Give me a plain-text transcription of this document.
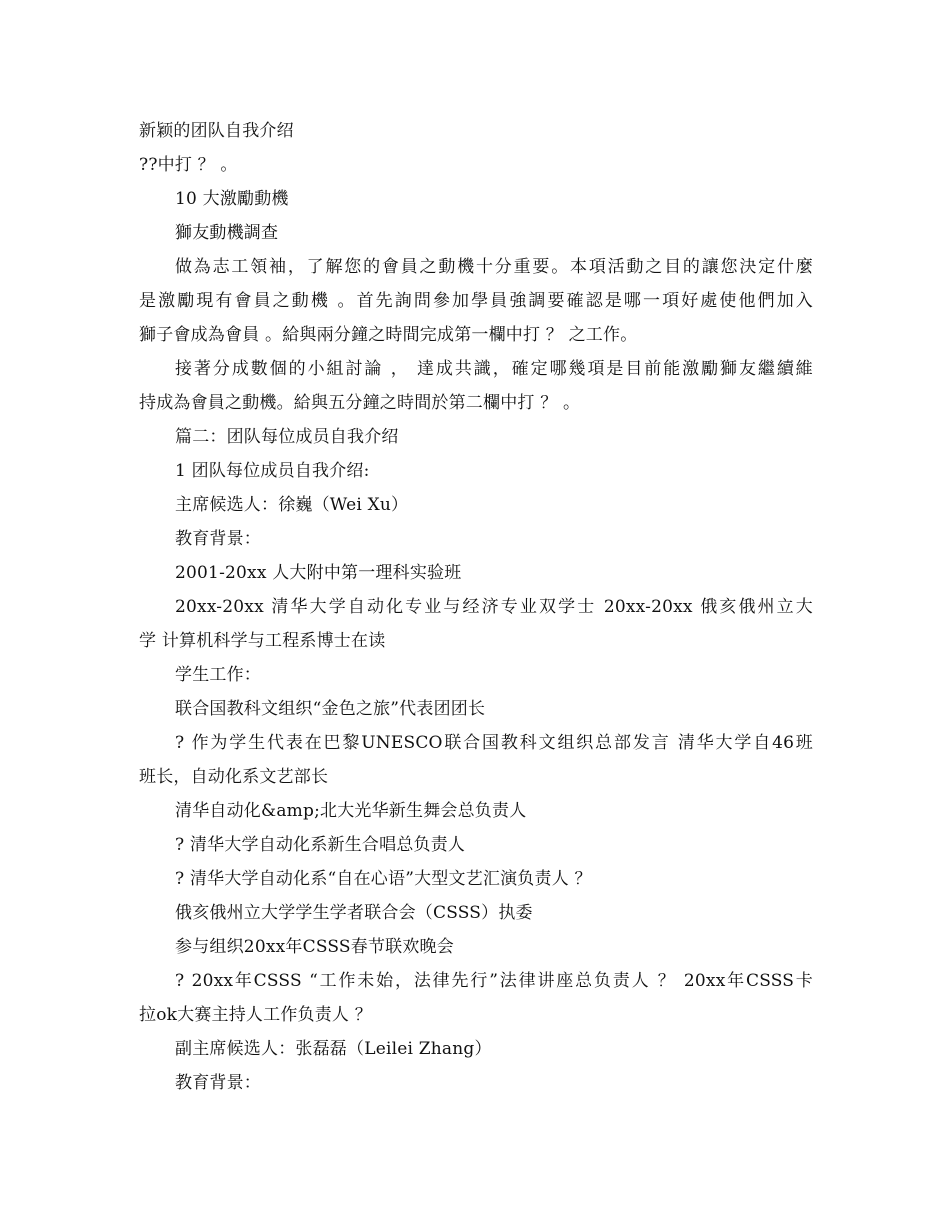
新颖的团队自我介绍
??中打 ？ 。
10 大激勵動機
獅友動機調查
做為志工領袖，了解您的會員之動機十分重要。本項活動之目的讓您決定什麼
是激勵現有會員之動機 。首先詢問參加學員強調要確認是哪一項好處使他們加入
獅子會成為會員 。給與兩分鐘之時間完成第一欄中打 ？ 之工作。
接著分成數個的小組討論 ， 達成共識，確定哪幾項是目前能激勵獅友繼續維
持成為會員之動機。給與五分鐘之時間於第二欄中打 ？ 。
篇二：团队每位成员自我介绍
1 团队每位成员自我介绍:
主席候选人：徐巍（Wei Xu）
教育背景：
2001-20xx 人大附中第一理科实验班
20xx-20xx 清华大学自动化专业与经济专业双学士 20xx-20xx 俄亥俄州立大
学 计算机科学与工程系博士在读
学生工作：
联合国教科文组织“金色之旅”代表团团长
? 作为学生代表在巴黎UNESCO联合国教科文组织总部发言 清华大学自46班
班长，自动化系文艺部长
清华自动化&amp;北大光华新生舞会总负责人
? 清华大学自动化系新生合唱总负责人
? 清华大学自动化系“自在心语”大型文艺汇演负责人 ？
俄亥俄州立大学学生学者联合会（CSSS）执委
参与组织20xx年CSSS春节联欢晚会
? 20xx年CSSS “工作未始，法律先行”法律讲座总负责人 ？ 20xx年CSSS卡
拉ok大赛主持人工作负责人 ？
副主席候选人：张磊磊（Leilei Zhang）
教育背景：
